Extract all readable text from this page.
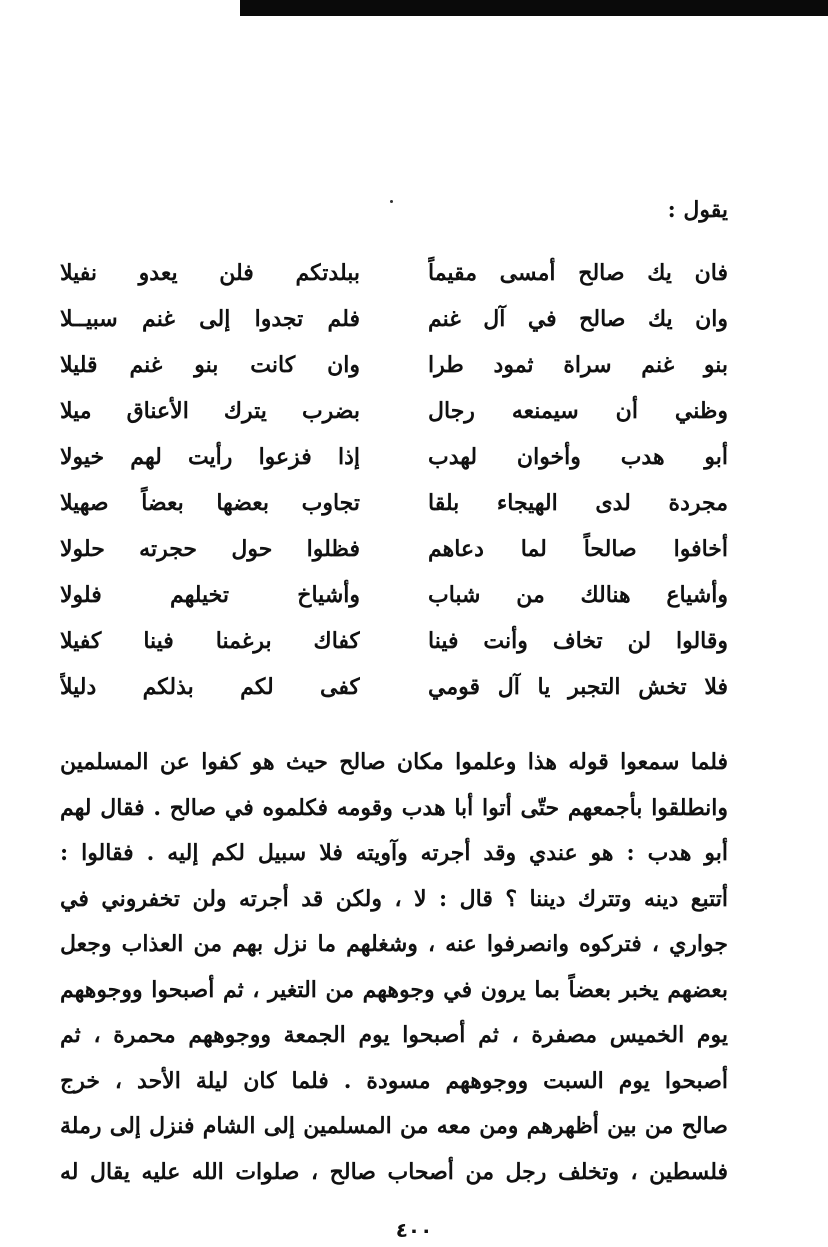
يقول :
فان يك صالح أمسى مقيماً
ببلدتكم فلن يعدو نفيلا
وان يك صالح في آل غنم
فلم تجدوا إلى غنم سبيــلا
بنو غنم سراة ثمود طرا
وان كانت بنو غنم قليلا
وظني أن سيمنعه رجال
بضرب يترك الأعناق ميلا
أبو هدب وأخوان لهدب
إذا فزعوا رأيت لهم خيولا
مجردة لدى الهيجاء بلقا
تجاوب بعضها بعضاً صهيلا
أخافوا صالحاً لما دعاهم
فظلوا حول حجرته حلولا
وأشياع هنالك من شباب
وأشياخ تخيلهم فلولا
وقالوا لن تخاف وأنت فينا
كفاك برغمنا فينا كفيلا
فلا تخش التجبر يا آل قومي
كفى لكم بذلكم دليلاً

فلما سمعوا قوله هذا وعلموا مكان صالح حيث هو كفوا عن المسلمين

وانطلقوا بأجمعهم حتّى أتوا أبا هدب وقومه فكلموه في صالح . فقال لهم

أبو هدب : هو عندي وقد أجرته وآويته فلا سبيل لكم إليه . فقالوا :

أتتبع دينه وتترك ديننا ؟ قال : لا ، ولكن قد أجرته ولن تخفروني في

جواري ، فتركوه وانصرفوا عنه ، وشغلهم ما نزل بهم من العذاب وجعل

بعضهم يخبر بعضاً بما يرون في وجوههم من التغير ، ثم أصبحوا ووجوههم

يوم الخميس مصفرة ، ثم أصبحوا يوم الجمعة ووجوههم محمرة ، ثم

أصبحوا يوم السبت ووجوههم مسودة . فلما كان ليلة الأحد ، خرج

صالح من بين أظهرهم ومن معه من المسلمين إلى الشام فنزل إلى رملة

فلسطين ، وتخلف رجل من أصحاب صالح ، صلوات الله عليه يقال له

٤٠٠
